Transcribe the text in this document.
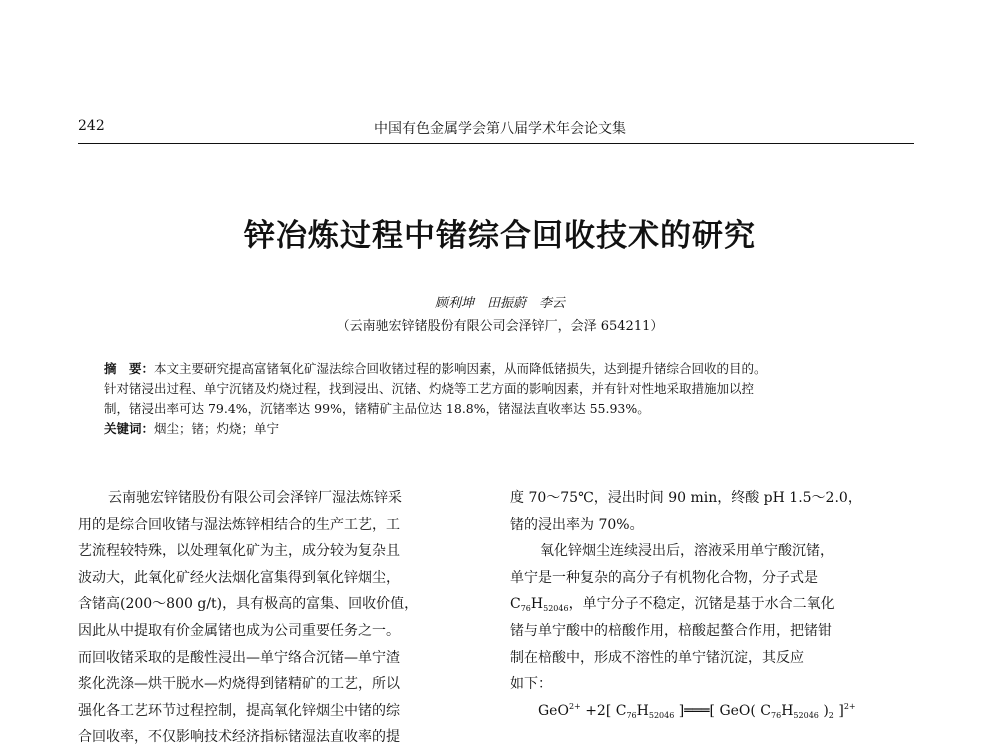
242	中国有色金属学会第八届学术年会论文集
锌冶炼过程中锗综合回收技术的研究
顾利坤　田振蔚　李云
（云南驰宏锌锗股份有限公司会泽锌厂，会泽 654211）
摘　要：本文主要研究提高富锗氧化矿湿法综合回收锗过程的影响因素，从而降低锗损失，达到提升锗综合回收的目的。
针对锗浸出过程、单宁沉锗及灼烧过程，找到浸出、沉锗、灼烧等工艺方面的影响因素，并有针对性地采取措施加以控
制，锗浸出率可达 79.4%，沉锗率达 99%，锗精矿主品位达 18.8%，锗湿法直收率达 55.93%。
关键词：烟尘；锗；灼烧；单宁
云南驰宏锌锗股份有限公司会泽锌厂湿法炼锌采
用的是综合回收锗与湿法炼锌相结合的生产工艺，工
艺流程较特殊，以处理氧化矿为主，成分较为复杂且
波动大，此氧化矿经火法烟化富集得到氧化锌烟尘，
含锗高(200～800 g/t)，具有极高的富集、回收价值，
因此从中提取有价金属锗也成为公司重要任务之一。
而回收锗采取的是酸性浸出—单宁络合沉锗—单宁渣
浆化洗涤—烘干脱水—灼烧得到锗精矿的工艺，所以
强化各工艺环节过程控制，提高氧化锌烟尘中锗的综
合回收率，不仅影响技术经济指标锗湿法直收率的提
度 70～75℃，浸出时间 90 min，终酸 pH 1.5～2.0，
锗的浸出率为 70%。
氧化锌烟尘连续浸出后，溶液采用单宁酸沉锗，
单宁是一种复杂的高分子有机物化合物，分子式是
$C_{76}H_{52046}$，单宁分子不稳定，沉锗是基于水合二氧化
锗与单宁酸中的棓酸作用，棓酸起螯合作用，把锗钳
制在棓酸中，形成不溶性的单宁锗沉淀，其反应
如下：
GeO$^{2+}$ +2[ $C_{76}H_{52046}$ ]═══[ GeO( $C_{76}H_{52046}$ )$_2$ ]$^{2+}$
